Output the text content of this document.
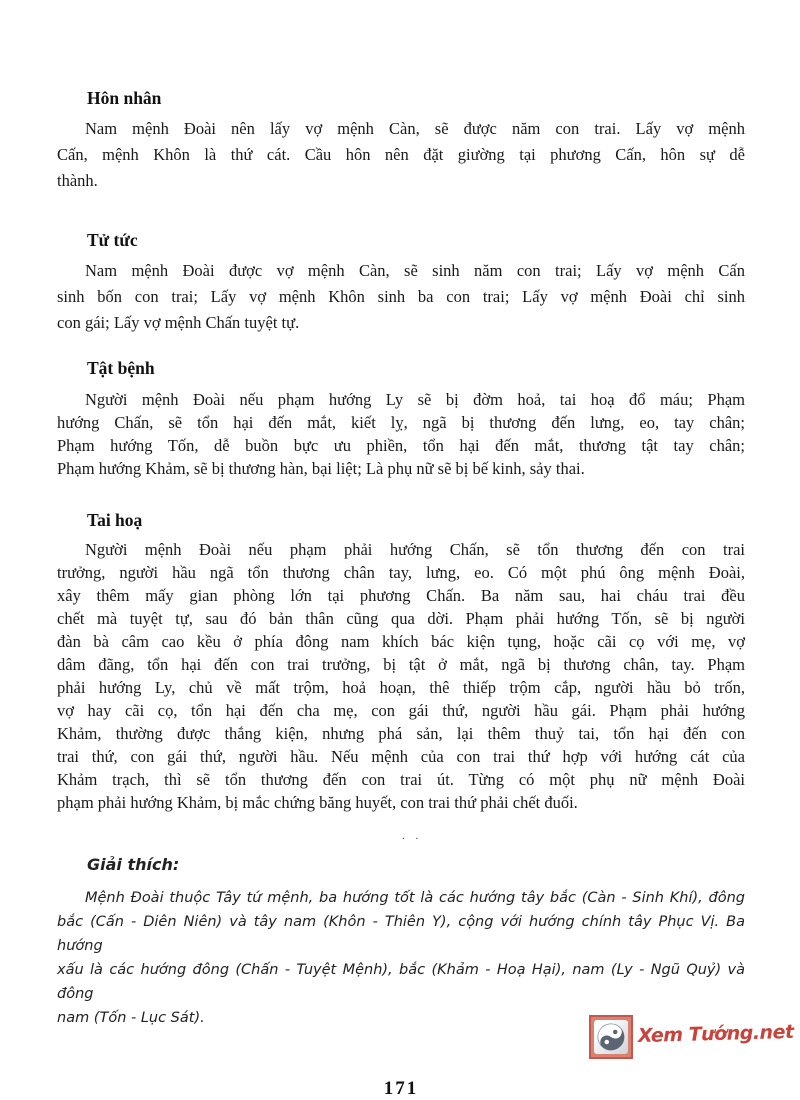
Hôn nhân
Nam mệnh Đoài nên lấy vợ mệnh Càn, sẽ được năm con trai. Lấy vợ mệnh
Cấn, mệnh Khôn là thứ cát. Cầu hôn nên đặt giường tại phương Cấn, hôn sự dễ
thành.
Tử tức
Nam mệnh Đoài được vợ mệnh Càn, sẽ sinh năm con trai; Lấy vợ mệnh Cấn
sinh bốn con trai; Lấy vợ mệnh Khôn sinh ba con trai; Lấy vợ mệnh Đoài chỉ sinh
con gái; Lấy vợ mệnh Chấn tuyệt tự.
Tật bệnh
Người mệnh Đoài nếu phạm hướng Ly sẽ bị đờm hoả, tai hoạ đổ máu; Phạm
hướng Chấn, sẽ tổn hại đến mắt, kiết lỵ, ngã bị thương đến lưng, eo, tay chân;
Phạm hướng Tốn, dễ buồn bực ưu phiền, tổn hại đến mắt, thương tật tay chân;
Phạm hướng Khảm, sẽ bị thương hàn, bại liệt; Là phụ nữ sẽ bị bế kinh, sảy thai.
Tai hoạ
Người mệnh Đoài nếu phạm phải hướng Chấn, sẽ tổn thương đến con trai
trưởng, người hầu ngã tổn thương chân tay, lưng, eo. Có một phú ông mệnh Đoài,
xây thêm mấy gian phòng lớn tại phương Chấn. Ba năm sau, hai cháu trai đều
chết mà tuyệt tự, sau đó bản thân cũng qua dời. Phạm phải hướng Tốn, sẽ bị người
đàn bà câm cao kều ở phía đông nam khích bác kiện tụng, hoặc cãi cọ với mẹ, vợ
dâm đãng, tổn hại đến con trai trưởng, bị tật ở mắt, ngã bị thương chân, tay. Phạm
phải hướng Ly, chủ về mất trộm, hoả hoạn, thê thiếp trộm cắp, người hầu bỏ trốn,
vợ hay cãi cọ, tổn hại đến cha mẹ, con gái thứ, người hầu gái. Phạm phải hướng
Khảm, thường được thắng kiện, nhưng phá sản, lại thêm thuỷ tai, tổn hại đến con
trai thứ, con gái thứ, người hầu. Nếu mệnh của con trai thứ hợp với hướng cát của
Khảm trạch, thì sẽ tổn thương đến con trai út. Từng có một phụ nữ mệnh Đoài
phạm phải hướng Khảm, bị mắc chứng băng huyết, con trai thứ phải chết đuối.
. .
Giải thích:
Mệnh Đoài thuộc Tây tứ mệnh, ba hướng tốt là các hướng tây bắc (Càn - Sinh Khí), đông
bắc (Cấn - Diên Niên) và tây nam (Khôn - Thiên Y), cộng với hướng chính tây Phục Vị. Ba hướng
xấu là các hướng đông (Chấn - Tuyệt Mệnh), bắc (Khảm - Hoạ Hại), nam (Ly - Ngũ Quỷ) và đông
nam (Tốn - Lục Sát).
171
Xem Tướng.net
